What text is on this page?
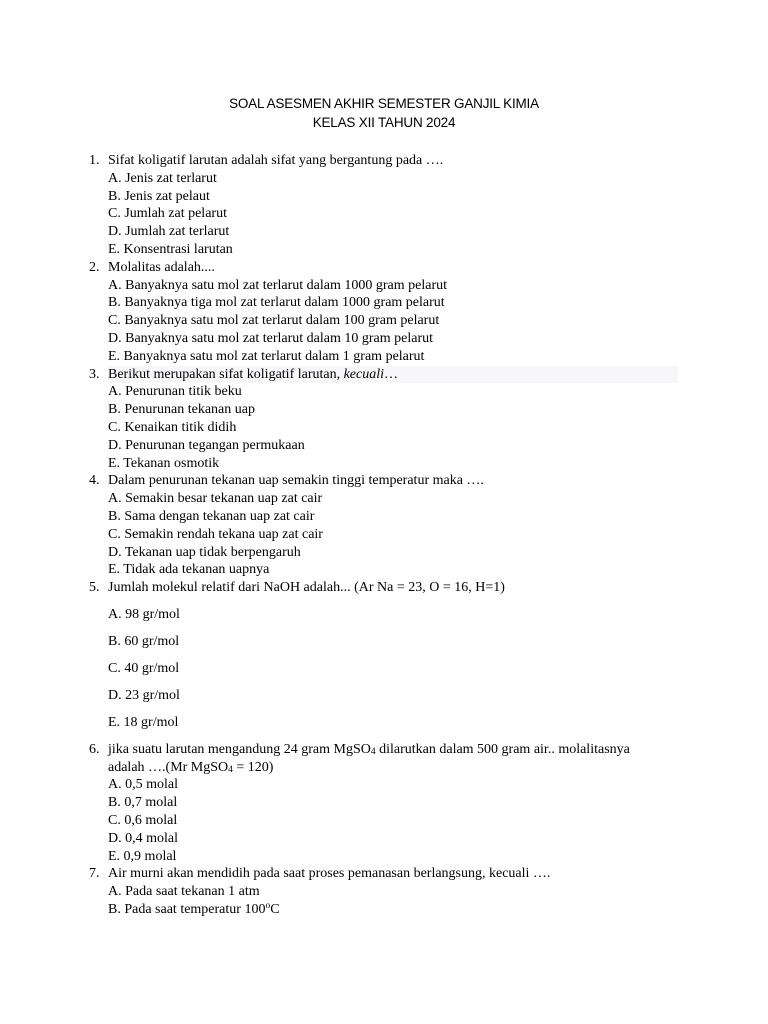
SOAL ASESMEN AKHIR SEMESTER GANJIL KIMIA
KELAS XII TAHUN 2024
1. Sifat koligatif larutan adalah sifat yang bergantung pada ….
A. Jenis zat terlarut
B. Jenis zat pelaut
C. Jumlah zat pelarut
D. Jumlah zat terlarut
E. Konsentrasi larutan
2. Molalitas adalah....
A. Banyaknya satu mol zat terlarut dalam 1000 gram pelarut
B. Banyaknya tiga mol zat terlarut dalam 1000 gram pelarut
C. Banyaknya satu mol zat terlarut dalam 100 gram pelarut
D. Banyaknya satu mol zat terlarut dalam 10 gram pelarut
E. Banyaknya satu mol zat terlarut dalam 1 gram pelarut
3. Berikut merupakan sifat koligatif larutan, kecuali…
A. Penurunan titik beku
B. Penurunan tekanan uap
C. Kenaikan titik didih
D. Penurunan tegangan permukaan
E. Tekanan osmotik
4. Dalam penurunan tekanan uap semakin tinggi temperatur maka ….
A. Semakin besar tekanan uap zat cair
B. Sama dengan tekanan uap zat cair
C. Semakin rendah tekana uap zat cair
D. Tekanan uap tidak berpengaruh
E. Tidak ada tekanan uapnya
5. Jumlah molekul relatif dari NaOH adalah... (Ar Na = 23, O = 16, H=1)
A. 98 gr/mol
B. 60 gr/mol
C. 40 gr/mol
D. 23 gr/mol
E. 18 gr/mol
6. jika suatu larutan mengandung 24 gram MgSO$_4$ dilarutkan dalam 500 gram air.. molalitasnya
adalah ….(Mr MgSO$_4$ = 120)
A. 0,5 molal
B. 0,7 molal
C. 0,6 molal
D. 0,4 molal
E. 0,9 molal
7. Air murni akan mendidih pada saat proses pemanasan berlangsung, kecuali ….
A. Pada saat tekanan 1 atm
B. Pada saat temperatur 100$^o$C
